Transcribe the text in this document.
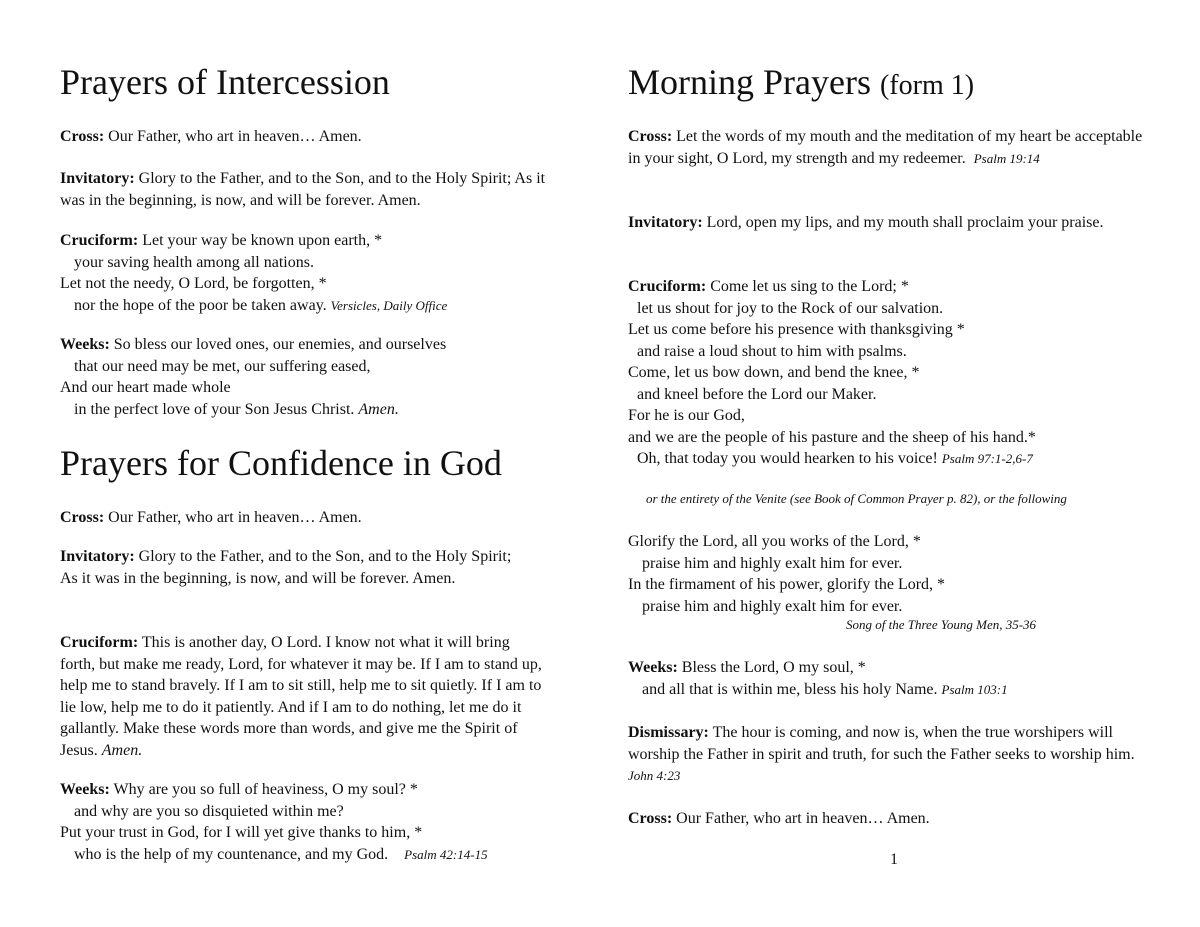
Prayers of Intercession
Cross: Our Father, who art in heaven… Amen.
Invitatory: Glory to the Father, and to the Son, and to the Holy Spirit; As it was in the beginning, is now, and will be forever. Amen.
Cruciform: Let your way be known upon earth, *
your saving health among all nations.
Let not the needy, O Lord, be forgotten, *
nor the hope of the poor be taken away. Versicles, Daily Office
Weeks: So bless our loved ones, our enemies, and ourselves
that our need may be met, our suffering eased,
And our heart made whole
in the perfect love of your Son Jesus Christ. Amen.
Prayers for Confidence in God
Cross: Our Father, who art in heaven… Amen.
Invitatory: Glory to the Father, and to the Son, and to the Holy Spirit; As it was in the beginning, is now, and will be forever. Amen.
Cruciform: This is another day, O Lord. I know not what it will bring forth, but make me ready, Lord, for whatever it may be. If I am to stand up, help me to stand bravely. If I am to sit still, help me to sit quietly. If I am to lie low, help me to do it patiently. And if I am to do nothing, let me do it gallantly. Make these words more than words, and give me the Spirit of Jesus. Amen.
Weeks: Why are you so full of heaviness, O my soul? *
and why are you so disquieted within me?
Put your trust in God, for I will yet give thanks to him, *
who is the help of my countenance, and my God. Psalm 42:14-15
Morning Prayers (form 1)
Cross: Let the words of my mouth and the meditation of my heart be acceptable in your sight, O Lord, my strength and my redeemer. Psalm 19:14
Invitatory: Lord, open my lips, and my mouth shall proclaim your praise.
Cruciform: Come let us sing to the Lord; *
let us shout for joy to the Rock of our salvation.
Let us come before his presence with thanksgiving *
and raise a loud shout to him with psalms.
Come, let us bow down, and bend the knee, *
and kneel before the Lord our Maker.
For he is our God,
and we are the people of his pasture and the sheep of his hand.*
Oh, that today you would hearken to his voice! Psalm 97:1-2,6-7
or the entirety of the Venite (see Book of Common Prayer p. 82), or the following
Glorify the Lord, all you works of the Lord, *
praise him and highly exalt him for ever.
In the firmament of his power, glorify the Lord, *
praise him and highly exalt him for ever.
Song of the Three Young Men, 35-36
Weeks: Bless the Lord, O my soul, *
and all that is within me, bless his holy Name. Psalm 103:1
Dismissary: The hour is coming, and now is, when the true worshipers will worship the Father in spirit and truth, for such the Father seeks to worship him.  John 4:23
Cross: Our Father, who art in heaven… Amen.
1
